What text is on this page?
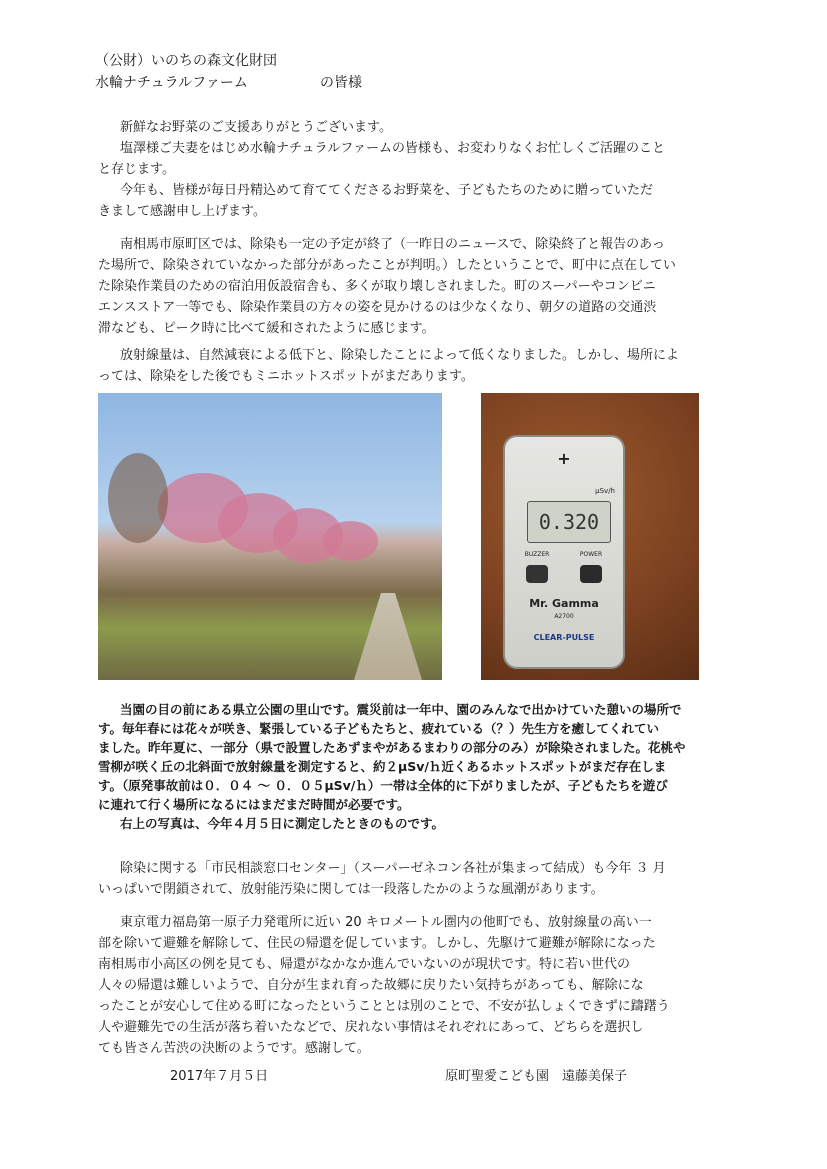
（公財）いのちの森文化財団
水輪ナチュラルファーム	の皆様
新鮮なお野菜のご支援ありがとうございます。
塩澤様ご夫妻をはじめ水輪ナチュラルファームの皆様も、お変わりなくお忙しくご活躍のこと
と存じます。
今年も、皆様が毎日丹精込めて育ててくださるお野菜を、子どもたちのために贈っていただ
きまして感謝申し上げます。
南相馬市原町区では、除染も一定の予定が終了（一昨日のニュースで、除染終了と報告のあっ
た場所で、除染されていなかった部分があったことが判明。）したということで、町中に点在してい
た除染作業員のための宿泊用仮設宿舎も、多くが取り壊しされました。町のスーパーやコンビニ
エンスストア一等でも、除染作業員の方々の姿を見かけるのは少なくなり、朝夕の道路の交通渋
滞なども、ピーク時に比べて緩和されたように感じます。
放射線量は、自然減衰による低下と、除染したことによって低くなりました。しかし、場所によ
っては、除染をした後でもミニホットスポットがまだあります。
+
µSv/h
0.320
BUZZER	POWER
Mr. Gamma
A2700
CLEAR-PULSE
当園の目の前にある県立公園の里山です。震災前は一年中、園のみんなで出かけていた憩いの場所で
す。毎年春には花々が咲き、緊張している子どもたちと、疲れている（？）先生方を癒してくれてい
ました。昨年夏に、一部分（県で設置したあずまやがあるまわりの部分のみ）が除染されました。花桃や
雪柳が咲く丘の北斜面で放射線量を測定すると、約２µSv/ｈ近くあるホットスポットがまだ存在しま
す。（原発事故前は０．０４ ～ ０．０５µSv/ｈ）一帯は全体的に下がりましたが、子どもたちを遊び
に連れて行く場所になるにはまだまだ時間が必要です。
右上の写真は、今年４月５日に測定したときのものです。
除染に関する「市民相談窓口センター」（スーパーゼネコン各社が集まって結成）も今年 ３ 月
いっぱいで閉鎖されて、放射能汚染に関しては一段落したかのような風潮があります。
東京電力福島第一原子力発電所に近い 20 キロメートル圏内の他町でも、放射線量の高い一
部を除いて避難を解除して、住民の帰還を促しています。しかし、先駆けて避難が解除になった
南相馬市小高区の例を見ても、帰還がなかなか進んでいないのが現状です。特に若い世代の
人々の帰還は難しいようで、自分が生まれ育った故郷に戻りたい気持ちがあっても、解除にな
ったことが安心して住める町になったということとは別のことで、不安が払しょくできずに躊躇う
人や避難先での生活が落ち着いたなどで、戻れない事情はそれぞれにあって、どちらを選択し
ても皆さん苦渋の決断のようです。感謝して。
2017年７月５日	原町聖愛こども園　遠藤美保子
